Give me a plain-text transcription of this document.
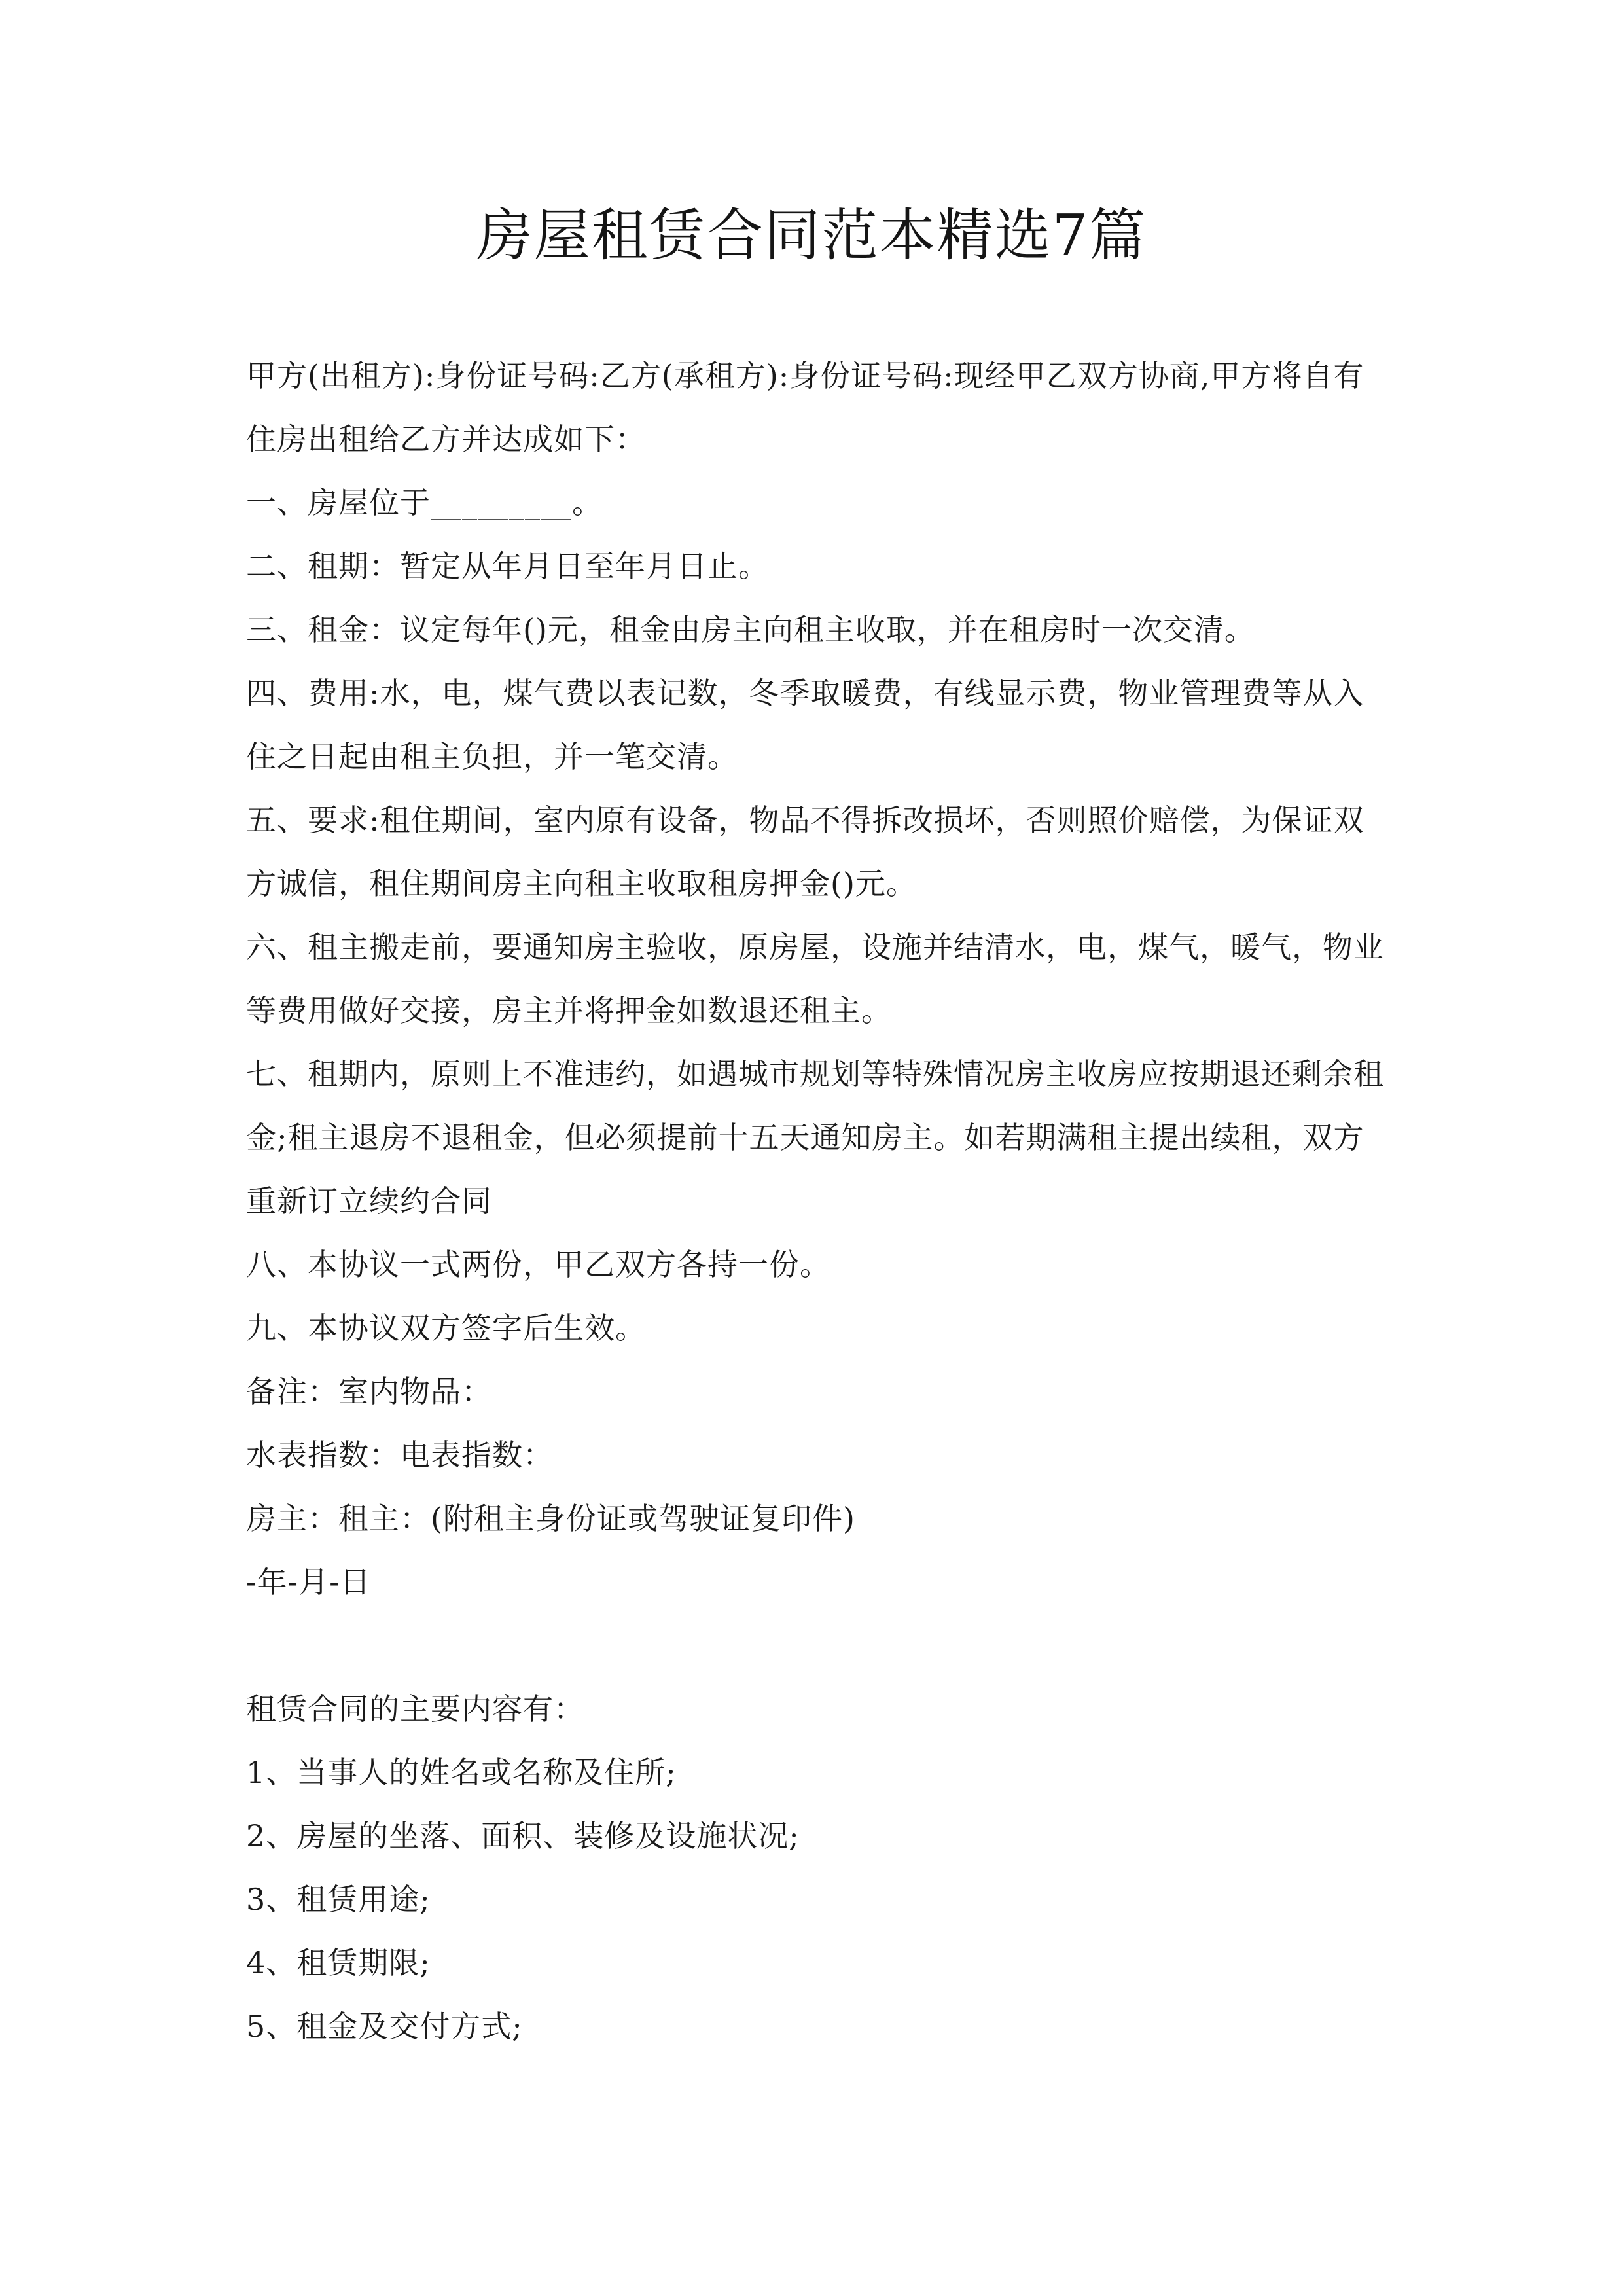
房屋租赁合同范本精选7篇

甲方(出租方):身份证号码:乙方(承租方):身份证号码:现经甲乙双方协商,甲方将自有住房出租给乙方并达成如下：

一、房屋位于_________。

二、租期：暂定从年月日至年月日止。

三、租金：议定每年()元，租金由房主向租主收取，并在租房时一次交清。

四、费用:水，电，煤气费以表记数，冬季取暖费，有线显示费，物业管理费等从入住之日起由租主负担，并一笔交清。

五、要求:租住期间，室内原有设备，物品不得拆改损坏，否则照价赔偿，为保证双方诚信，租住期间房主向租主收取租房押金()元。

六、租主搬走前，要通知房主验收，原房屋，设施并结清水，电，煤气，暖气，物业等费用做好交接，房主并将押金如数退还租主。

七、租期内，原则上不准违约，如遇城市规划等特殊情况房主收房应按期退还剩余租金;租主退房不退租金，但必须提前十五天通知房主。如若期满租主提出续租，双方重新订立续约合同

八、本协议一式两份，甲乙双方各持一份。

九、本协议双方签字后生效。

备注：室内物品：

水表指数：电表指数：

房主：租主：(附租主身份证或驾驶证复印件)

-年-月-日

租赁合同的主要内容有：

1、当事人的姓名或名称及住所;

2、房屋的坐落、面积、装修及设施状况;

3、租赁用途;

4、租赁期限;

5、租金及交付方式;
